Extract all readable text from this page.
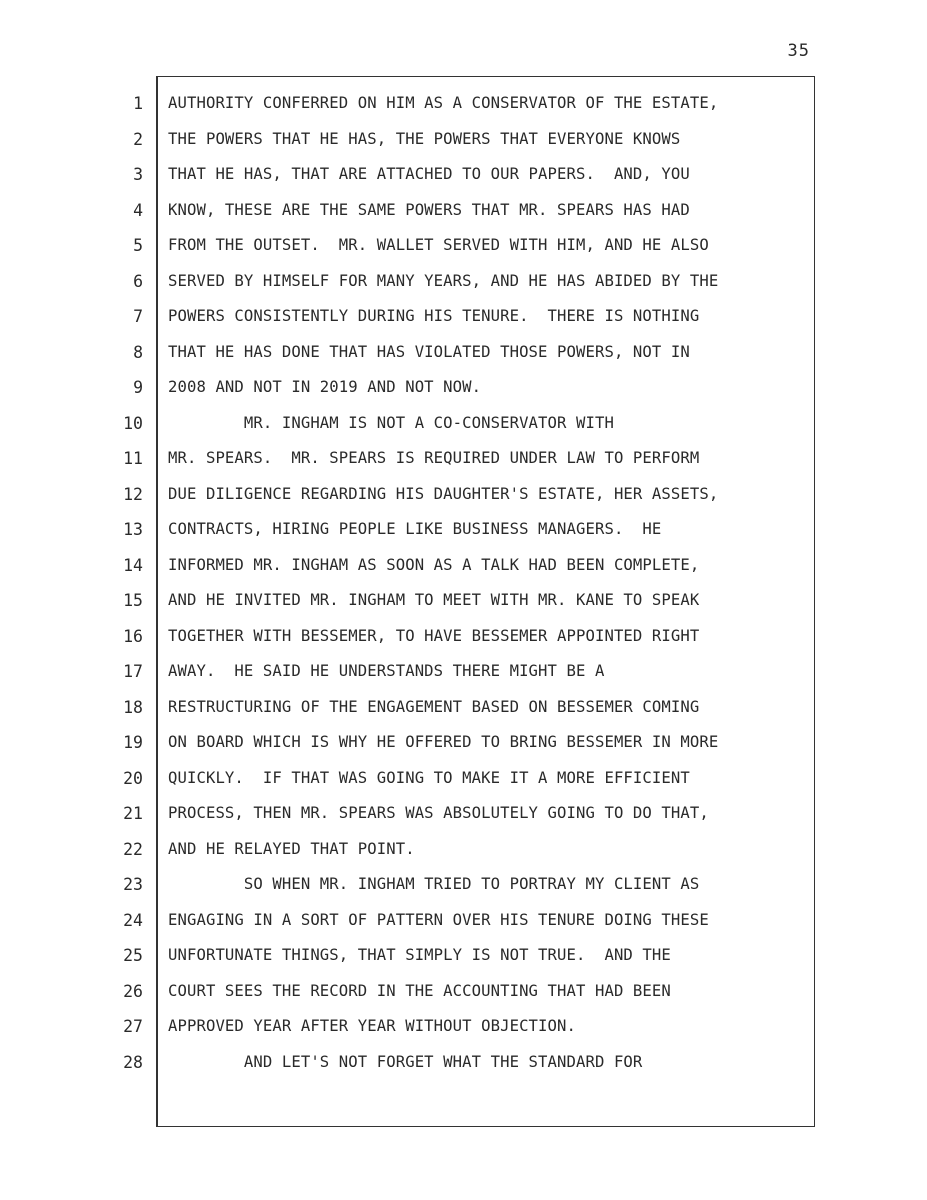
35
1
2
3
4
5
6
7
8
9
10
11
12
13
14
15
16
17
18
19
20
21
22
23
24
25
26
27
28
AUTHORITY CONFERRED ON HIM AS A CONSERVATOR OF THE ESTATE,
THE POWERS THAT HE HAS, THE POWERS THAT EVERYONE KNOWS
THAT HE HAS, THAT ARE ATTACHED TO OUR PAPERS.  AND, YOU
KNOW, THESE ARE THE SAME POWERS THAT MR. SPEARS HAS HAD
FROM THE OUTSET.  MR. WALLET SERVED WITH HIM, AND HE ALSO
SERVED BY HIMSELF FOR MANY YEARS, AND HE HAS ABIDED BY THE
POWERS CONSISTENTLY DURING HIS TENURE.  THERE IS NOTHING
THAT HE HAS DONE THAT HAS VIOLATED THOSE POWERS, NOT IN
2008 AND NOT IN 2019 AND NOT NOW.
MR. INGHAM IS NOT A CO-CONSERVATOR WITH
MR. SPEARS.  MR. SPEARS IS REQUIRED UNDER LAW TO PERFORM
DUE DILIGENCE REGARDING HIS DAUGHTER'S ESTATE, HER ASSETS,
CONTRACTS, HIRING PEOPLE LIKE BUSINESS MANAGERS.  HE
INFORMED MR. INGHAM AS SOON AS A TALK HAD BEEN COMPLETE,
AND HE INVITED MR. INGHAM TO MEET WITH MR. KANE TO SPEAK
TOGETHER WITH BESSEMER, TO HAVE BESSEMER APPOINTED RIGHT
AWAY.  HE SAID HE UNDERSTANDS THERE MIGHT BE A
RESTRUCTURING OF THE ENGAGEMENT BASED ON BESSEMER COMING
ON BOARD WHICH IS WHY HE OFFERED TO BRING BESSEMER IN MORE
QUICKLY.  IF THAT WAS GOING TO MAKE IT A MORE EFFICIENT
PROCESS, THEN MR. SPEARS WAS ABSOLUTELY GOING TO DO THAT,
AND HE RELAYED THAT POINT.
SO WHEN MR. INGHAM TRIED TO PORTRAY MY CLIENT AS
ENGAGING IN A SORT OF PATTERN OVER HIS TENURE DOING THESE
UNFORTUNATE THINGS, THAT SIMPLY IS NOT TRUE.  AND THE
COURT SEES THE RECORD IN THE ACCOUNTING THAT HAD BEEN
APPROVED YEAR AFTER YEAR WITHOUT OBJECTION.
AND LET'S NOT FORGET WHAT THE STANDARD FOR
